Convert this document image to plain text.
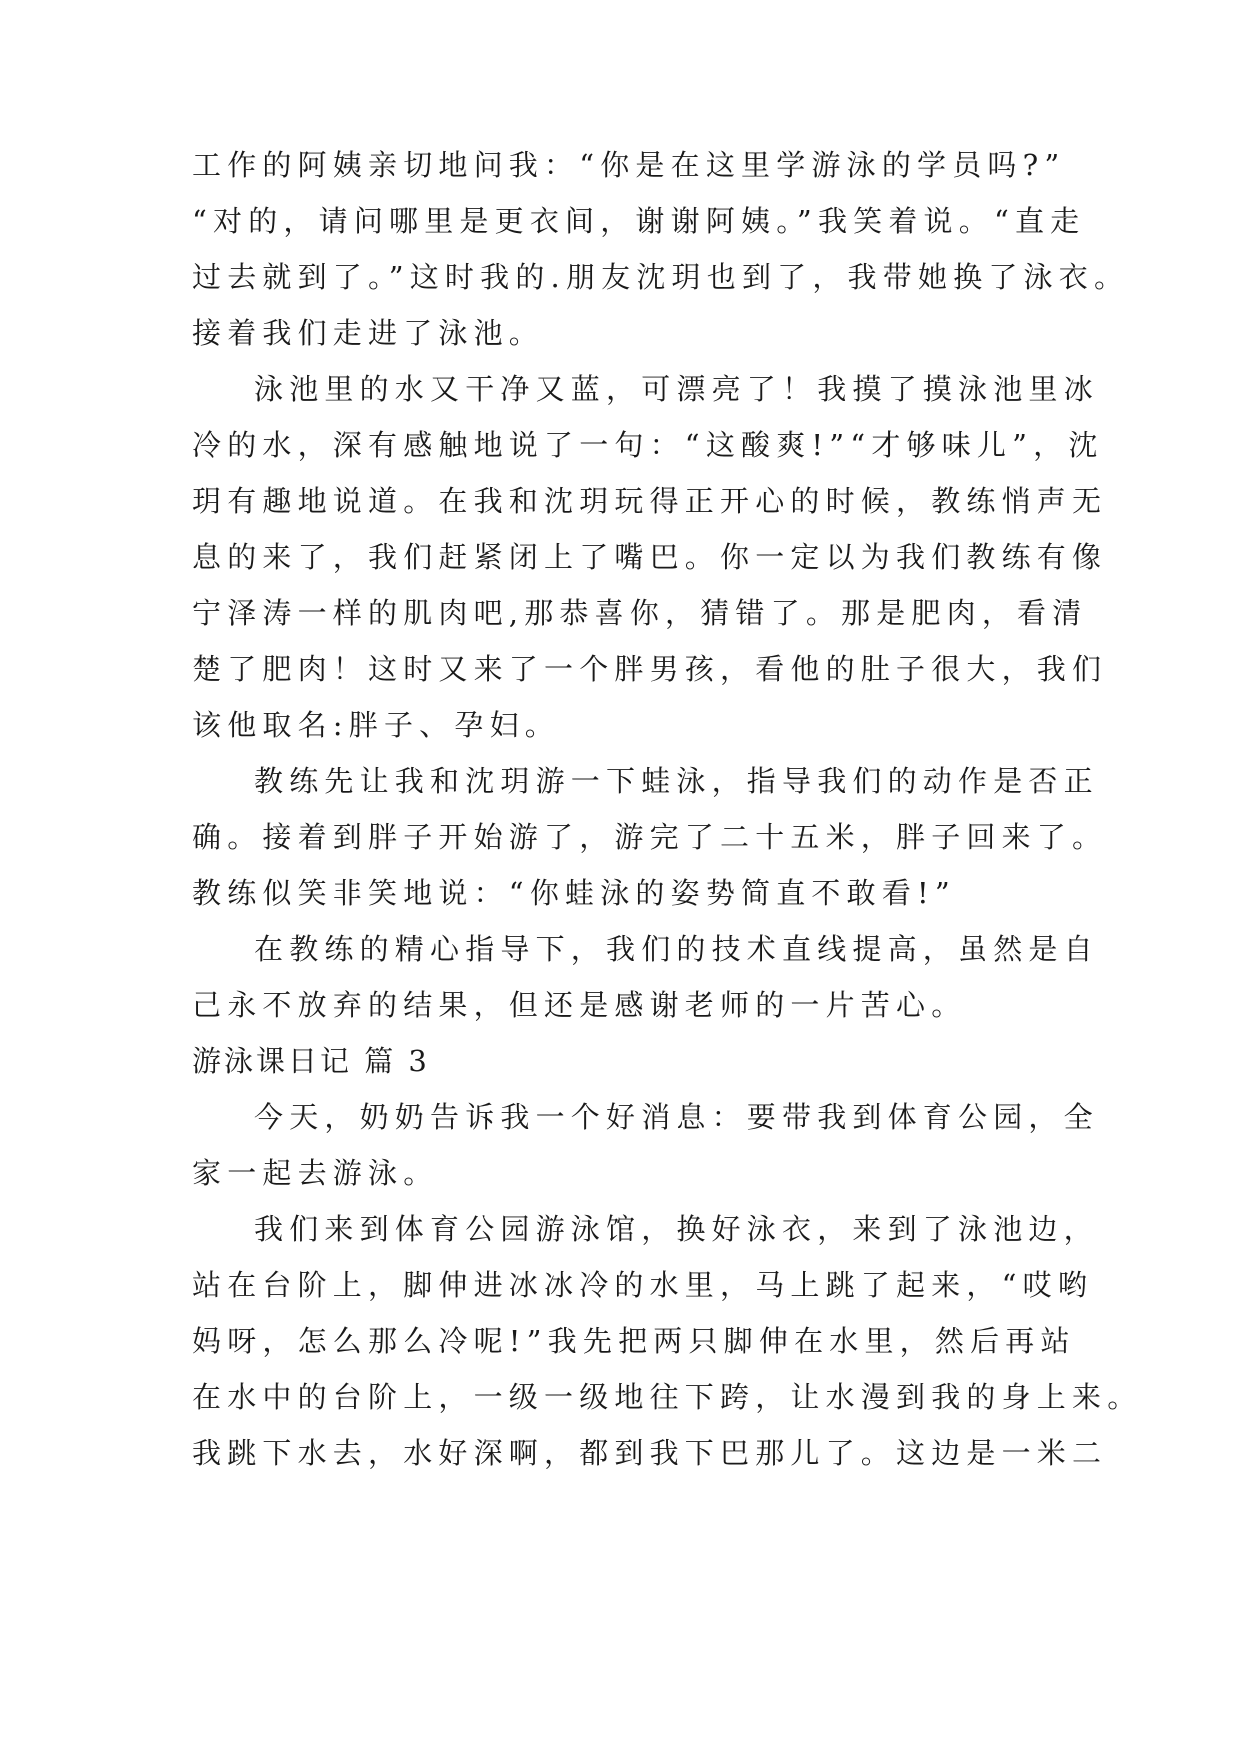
工作的阿姨亲切地问我：“你是在这里学游泳的学员吗?”
“对的，请问哪里是更衣间，谢谢阿姨。”我笑着说。“直走
过去就到了。”这时我的.朋友沈玥也到了，我带她换了泳衣。
接着我们走进了泳池。
泳池里的水又干净又蓝，可漂亮了！我摸了摸泳池里冰
冷的水，深有感触地说了一句：“这酸爽!”“才够味儿”，沈
玥有趣地说道。在我和沈玥玩得正开心的时候，教练悄声无
息的来了，我们赶紧闭上了嘴巴。你一定以为我们教练有像
宁泽涛一样的肌肉吧,那恭喜你，猜错了。那是肥肉，看清
楚了肥肉！这时又来了一个胖男孩，看他的肚子很大，我们
该他取名:胖子、孕妇。
教练先让我和沈玥游一下蛙泳，指导我们的动作是否正
确。接着到胖子开始游了，游完了二十五米，胖子回来了。
教练似笑非笑地说：“你蛙泳的姿势简直不敢看!”
在教练的精心指导下，我们的技术直线提高，虽然是自
己永不放弃的结果，但还是感谢老师的一片苦心。
游泳课日记 篇 3
今天，奶奶告诉我一个好消息：要带我到体育公园，全
家一起去游泳。
我们来到体育公园游泳馆，换好泳衣，来到了泳池边，
站在台阶上，脚伸进冰冰冷的水里，马上跳了起来，“哎哟
妈呀，怎么那么冷呢!”我先把两只脚伸在水里，然后再站
在水中的台阶上，一级一级地往下跨，让水漫到我的身上来。
我跳下水去，水好深啊，都到我下巴那儿了。这边是一米二
